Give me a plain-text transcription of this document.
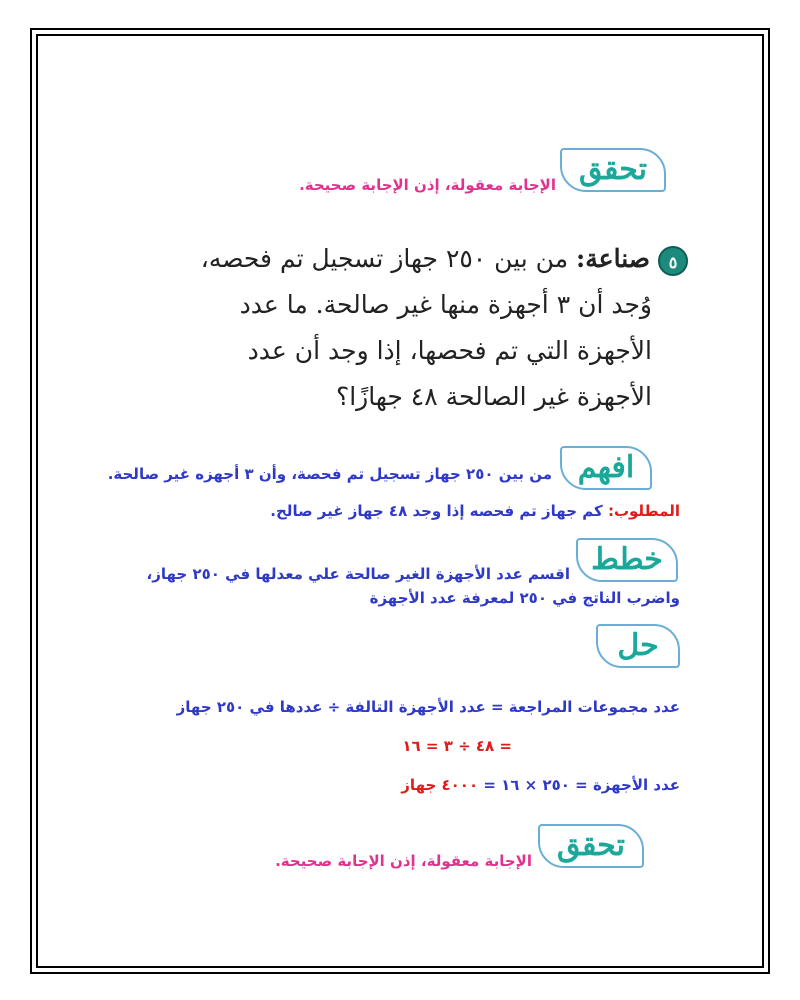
تحقق
الإجابة معقولة، إذن الإجابة صحيحة.
٥صناعة: من بين ٢٥٠ جهاز تسجيل تم فحصه،
وُجد أن ٣ أجهزة منها غير صالحة. ما عدد
الأجهزة التي تم فحصها، إذا وجد أن عدد
الأجهزة غير الصالحة ٤٨ جهازًا؟
افهم
من بين ٢٥٠ جهاز تسجيل تم فحصة، وأن ٣ أجهزه غير صالحة.
المطلوب: كم جهاز تم فحصه إذا وجد ٤٨ جهاز غير صالح.
خطط
اقسم عدد الأجهزة الغير صالحة علي معدلها في ٢٥٠ جهاز،
واضرب الناتج في ٢٥٠ لمعرفة عدد الأجهزة
حل
عدد مجموعات المراجعة = عدد الأجهزة التالفة ÷ عددها في ٢٥٠ جهاز
= ٤٨ ÷ ٣ = ١٦
عدد الأجهزة = ٢٥٠ × ١٦ = ٤٠٠٠ جهاز
تحقق
الإجابة معقولة، إذن الإجابة صحيحة.
